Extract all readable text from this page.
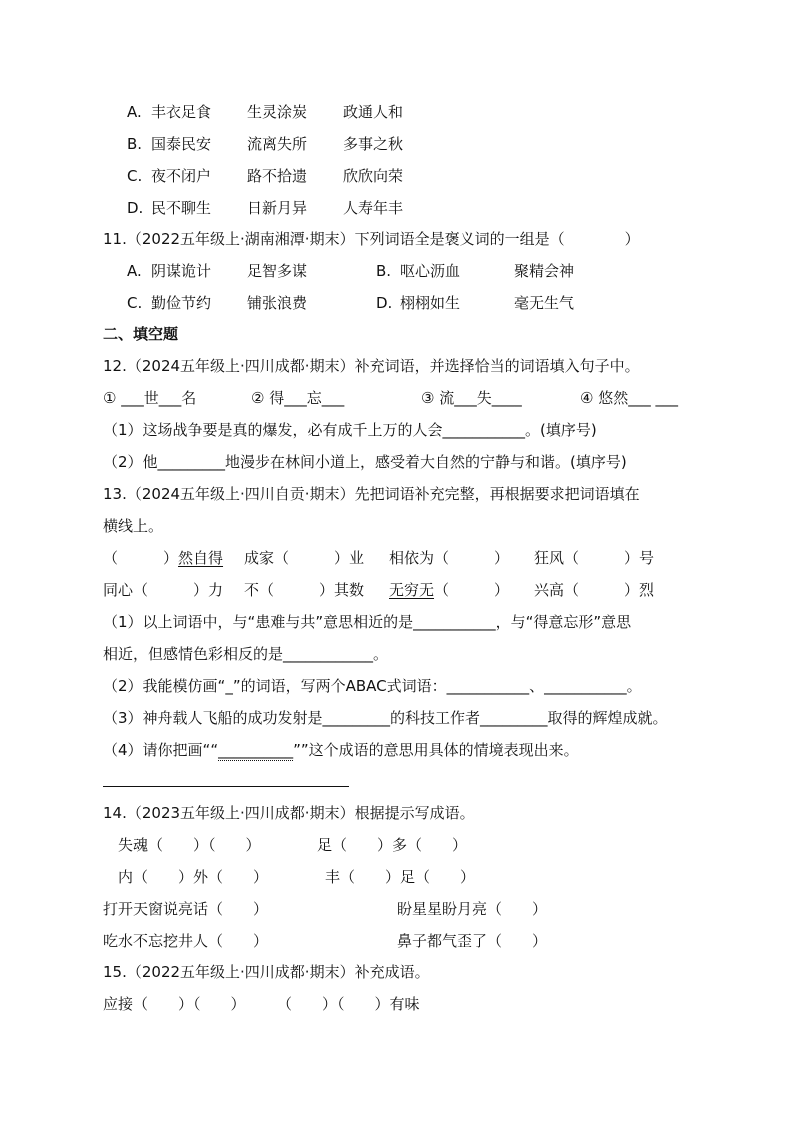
A. 丰衣足食 生灵涂炭 政通人和
B. 国泰民安 流离失所 多事之秋
C. 夜不闭户 路不拾遗 欣欣向荣
D. 民不聊生 日新月异 人寿年丰
11.（2022五年级上·湖南湘潭·期末）下列词语全是褒义词的一组是（　　　　）
A. 阴谋诡计 足智多谋	B. 呕心沥血	聚精会神
C. 勤俭节约 铺张浪费	D. 栩栩如生	毫无生气
二、填空题
12.（2024五年级上·四川成都·期末）补充词语，并选择恰当的词语填入句子中。
① ___世___名	② 得___忘___	③ 流___失____	④ 悠然___ ___
（1）这场战争要是真的爆发，必有成千上万的人会___________。(填序号)
（2）他_________地漫步在林间小道上，感受着大自然的宁静与和谐。(填序号)
13.（2024五年级上·四川自贡·期末）先把词语补充完整，再根据要求把词语填在
横线上。
（　　　）然自得 成家（　　　）业 相依为（　　　） 狂风（　　　）号
同心（　　　）力 不（　　　）其数 无穷无（　　　） 兴高（　　　）烈
（1）以上词语中，与“患难与共”意思相近的是___________，与“得意忘形”意思
相近，但感情色彩相反的是____________。
（2）我能模仿画“_”的词语，写两个ABAC式词语：___________、___________。
（3）神舟载人飞船的成功发射是_________的科技工作者_________取得的辉煌成就。
（4）请你把画““__________””这个成语的意思用具体的情境表现出来。
14.（2023五年级上·四川成都·期末）根据提示写成语。
失魂（　　）（　　）	足（　　）多（　　）
内（　　）外（　　）	丰（　　）足（　　）
打开天窗说亮话（　　）	盼星星盼月亮（　　）
吃水不忘挖井人（　　）	鼻子都气歪了（　　）
15.（2022五年级上·四川成都·期末）补充成语。
应接（　　）（　　） （　　）（　　）有味
